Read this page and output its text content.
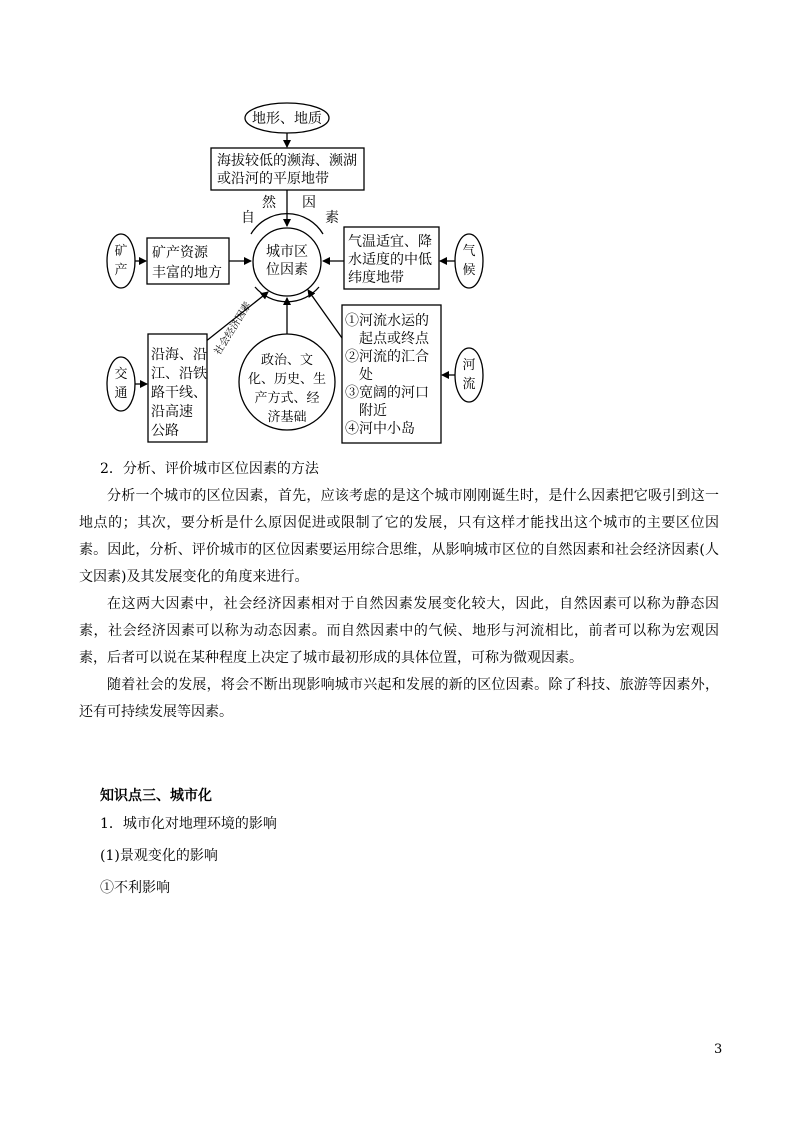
地形、地质
海拔较低的濒海、濒湖
或沿河的平原地带
自
然 因
素
城市区
位因素
矿 矿产资源
丰富的地方
气温适宜、降
水适度的中低
纬度地带
社会经济因素
沿海、沿
江、沿铁
路干线、
沿高速
公路
政治、文
化、历史、生
产方式、经
济基础
①河流水运的
起点或终点
②河流的汇合
处
③宽阔的河口
附近
④河中小岛
产
气
候
交
通
河
流

2．分析、评价城市区位因素的方法

分析一个城市的区位因素，首先，应该考虑的是这个城市刚刚诞生时，是什么因素把它吸引到这一地点的；其次，要分析是什么原因促进或限制了它的发展，只有这样才能找出这个城市的主要区位因素。因此，分析、评价城市的区位因素要运用综合思维，从影响城市区位的自然因素和社会经济因素(人文因素)及其发展变化的角度来进行。

在这两大因素中，社会经济因素相对于自然因素发展变化较大，因此，自然因素可以称为静态因素，社会经济因素可以称为动态因素。而自然因素中的气候、地形与河流相比，前者可以称为宏观因素，后者可以说在某种程度上决定了城市最初形成的具体位置，可称为微观因素。

随着社会的发展，将会不断出现影响城市兴起和发展的新的区位因素。除了科技、旅游等因素外，还有可持续发展等因素。

知识点三、城市化

1．城市化对地理环境的影响

(1)景观变化的影响

①不利影响

3
